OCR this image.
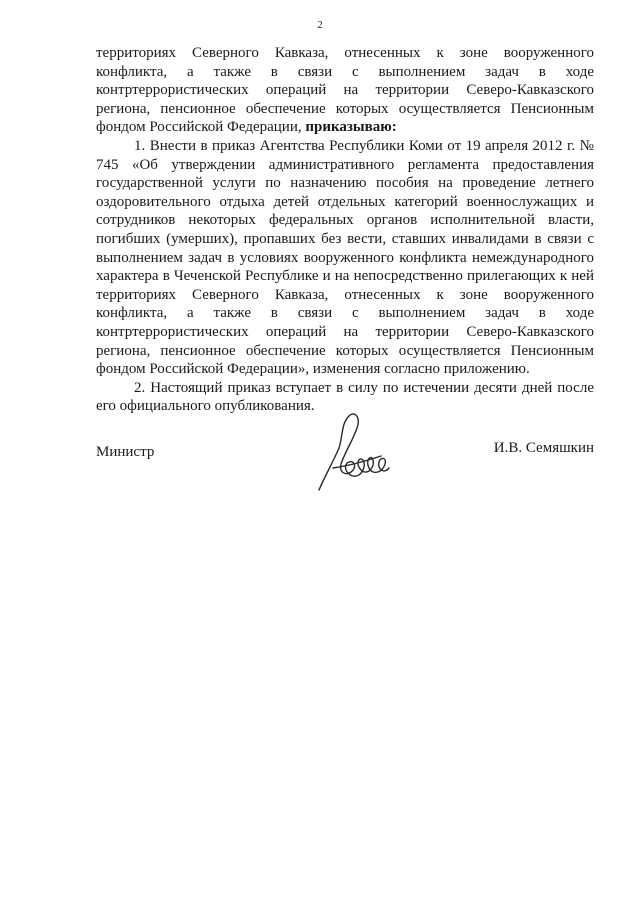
2

территориях Северного Кавказа, отнесенных к зоне вооруженного конфликта, а также в связи с выполнением задач в ходе контртеррористических операций на территории Северо-Кавказского региона, пенсионное обеспечение которых осуществляется Пенсионным фондом Российской Федерации, приказываю:

1. Внести в приказ Агентства Республики Коми от 19 апреля 2012 г. № 745 «Об утверждении административного регламента предоставления государственной услуги по назначению пособия на проведение летнего оздоровительного отдыха детей отдельных категорий военнослужащих и сотрудников некоторых федеральных органов исполнительной власти, погибших (умерших), пропавших без вести, ставших инвалидами в связи с выполнением задач в условиях вооруженного конфликта немеждународного характера в Чеченской Республике и на непосредственно прилегающих к ней территориях Северного Кавказа, отнесенных к зоне вооруженного конфликта, а также в связи с выполнением задач в ходе контртеррористических операций на территории Северо-Кавказского региона, пенсионное обеспечение которых осуществляется Пенсионным фондом Российской Федерации», изменения согласно приложению.

2. Настоящий приказ вступает в силу по истечении десяти дней после его официального опубликования.

Министр	И.В. Семяшкин
